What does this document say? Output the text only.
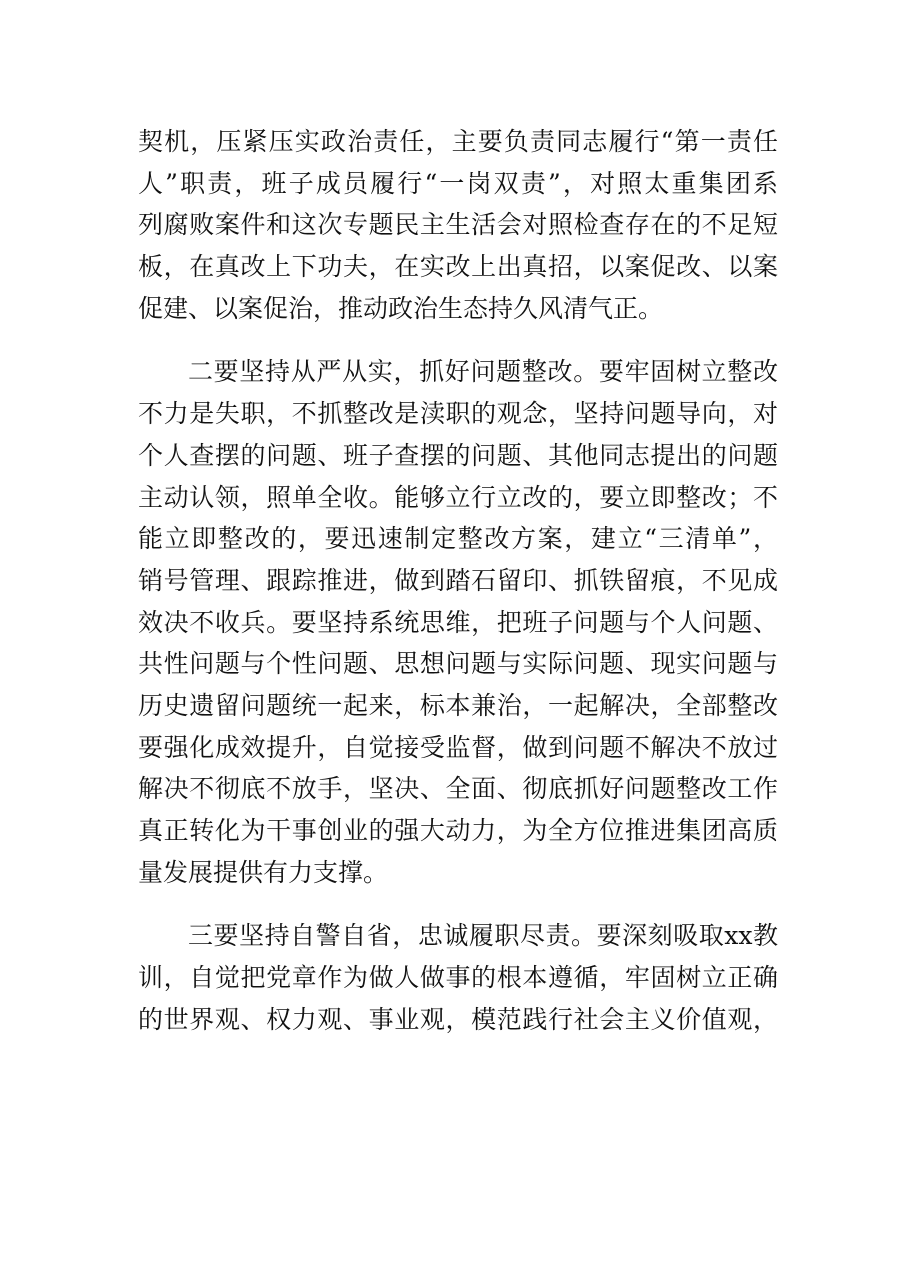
契机，压紧压实政治责任，主要负责同志履行“第一责任
人”职责，班子成员履行“一岗双责”，对照太重集团系
列腐败案件和这次专题民主生活会对照检查存在的不足短
板，在真改上下功夫，在实改上出真招，以案促改、以案
促建、以案促治，推动政治生态持久风清气正。
二要坚持从严从实，抓好问题整改。要牢固树立整改
不力是失职，不抓整改是渎职的观念，坚持问题导向，对
个人查摆的问题、班子查摆的问题、其他同志提出的问题
主动认领，照单全收。能够立行立改的，要立即整改；不
能立即整改的，要迅速制定整改方案，建立“三清单”，
销号管理、跟踪推进，做到踏石留印、抓铁留痕，不见成
效决不收兵。要坚持系统思维，把班子问题与个人问题、
共性问题与个性问题、思想问题与实际问题、现实问题与
历史遗留问题统一起来，标本兼治，一起解决，全部整改
要强化成效提升，自觉接受监督，做到问题不解决不放过
解决不彻底不放手，坚决、全面、彻底抓好问题整改工作
真正转化为干事创业的强大动力，为全方位推进集团高质
量发展提供有力支撑。
三要坚持自警自省，忠诚履职尽责。要深刻吸取xx教
训，自觉把党章作为做人做事的根本遵循，牢固树立正确
的世界观、权力观、事业观，模范践行社会主义价值观，
